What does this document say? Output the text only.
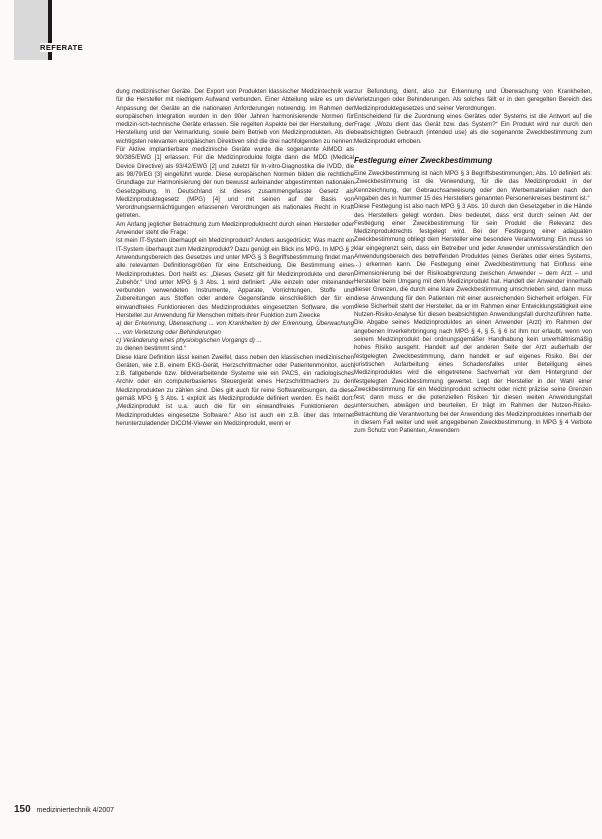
REFERATE

dung medizinischer Geräte. Der Export von Produkten klassischer Medizintechnik war für die Hersteller mit niedrigem Aufwand verbunden. Einer Abteilung wäre es um die Anpassung der Geräte an die nationalen Anforderungen notwendig. Im Rahmen der europäischen Integration wurden in den 90er Jahren harmonisierende Normen für medizin-sch-technische Geräte erlassen. Sie regelten Aspekte bei der Herstellung, der Herstellung und der Vermarktung, sowie beim Betrieb von Medizinprodukten. Als die wichtigsten relevanten europäischen Direktiven sind die drei nachfolgenden zu nennen: Für Aktive implantierbare medizinische Geräte wurde die sogenannte AIMDD als 90/385/EWG [1] erlassen. Für die Medizinprodukte folgte dann die MDD (Medical Device Directive) als 93/42/EWG [2] und zuletzt für In-vitro-Diagnostika die IVDD, die als 98/79/EG [3] eingeführt wurde. Diese europäischen Normen bilden die rechtliche Grundlage zur Harmonisierung der nun bewusst aufeinander abgestimmten nationalen Gesetzgebung. In Deutschland ist dieses zusammengefasste Gesetz als Medizinproduktegesetz (MPG) [4] und mit seinen auf der Basis von Verordnungsermächtigungen erlassenen Verordnungen als nationales Recht in Kraft getreten.

Am Anfang jeglicher Betrachtung zum Medizinproduktrecht durch einen Hersteller oder Anwender steht die Frage:

Ist mein IT-System überhaupt ein Medizinprodukt? Anders ausgedrückt: Was macht ein IT-System überhaupt zum Medizinprodukt? Dazu genügt ein Blick ins MPG. In MPG § 2 Anwendungsbereich des Gesetzes und unter MPG § 3 Begriffsbestimmung findet man alle relevanten Definitionsgrößen für eine Entscheidung. Die Bestimmung eines Medizinproduktes. Dort heißt es: „Dieses Gesetz gilt für Medizinprodukte und deren Zubehör.“ Und unter MPG § 3 Abs. 1 wird definiert: „Alle einzeln oder miteinander verbunden verwendeten Instrumente, Apparate, Vorrichtungen, Stoffe und Zubereitungen aus Stoffen oder andere Gegenstände einschließlich der für ein einwandfreies Funktionieren des Medizinproduktes eingesetzten Software, die vom Hersteller zur Anwendung für Menschen mittels ihrer Funktion zum Zwecke

a) der Erkennung, Überwachung ... von Krankheiten b) der Erkennung, Überwachung ... von Verletzung oder Behinderungen

c) Veränderung eines physiologischen Vorgangs d) ...

zu dienen bestimmt sind.“

Diese klare Definition lässt keinen Zweifel, dass neben den klassischen medizinischen Geräten, wie z.B. einem EKG-Gerät, Herzschrittmacher oder Patientenmonitor, auch z.B. fallgebende bzw. bildverarbeitende Systeme wie ein PACS, ein radiologisches Archiv oder ein computerbasiertes Steuergerät eines Herzschrittmachers zu den Medizinprodukten zu zählen sind. Dies gilt auch für reine Softwarelösungen, da diese gemäß MPG § 3 Abs. 1 explizit als Medizinprodukte definiert werden. Es heißt dort: „Medizinprodukt ist u.a. auch die für ein einwandfreies Funktionieren des Medizinproduktes eingesetzte Software.“ Also ist auch ein z.B. über das Internet herunterzuladender DICOM-Viewer ein Medizinprodukt, wenn er

zur Befundung, dient, also zur Erkennung und Überwachung von Krankheiten, Verletzungen oder Behinderungen. Als solches fällt er in den geregelten Bereich des Medizinproduktegesetzes und seiner Verordnungen.

Entscheidend für die Zuordnung eines Gerätes oder Systems ist die Antwort auf die Frage: „Wozu dient das Gerät bzw. das System?“ Ein Produkt wird nur durch den beabsichtigten Gebrauch (intended use) als die sogenannte Zweckbestimmung zum Medizinprodukt erhoben.

Festlegung einer Zweckbestimmung

Eine Zweckbestimmung ist nach MPG § 3 Begriffsbestimmungen, Abs. 10 definiert als: „Zweckbestimmung ist die Verwendung, für die das Medizinprodukt in der Kennzeichnung, der Gebrauchsanweisung oder den Werbematerialien nach den Angaben des in Nummer 15 des Herstellers genannten Personenkreises bestimmt ist.“

Diese Festlegung ist also nach MPG § 3 Abs. 10 durch den Gesetzgeber in die Hände des Herstellers gelegt worden. Dies bedeutet, dass erst durch seinen Akt der Festlegung einer Zweckbestimmung für sein Produkt die Relevanz des Medizinproduktrechts festgelegt wird. Bei der Festlegung einer adäquaten Zweckbestimmung obliegt dem Hersteller eine besondere Verantwortung: Ein muss so klar eingegrenzt sein, dass ein Betreiber und jeder Anwender unmissverständlich den Anwendungsbereich des betreffenden Produktes (eines Gerätes oder eines Systems, ...) erkennen kann. Die Festlegung einer Zweckbestimmung hat Einfluss eine Dimensionierung bei der Risikoabgrenzung zwischen Anwender – dem Arzt – und Hersteller beim Umgang mit dem Medizinprodukt hat. Handelt der Anwender innerhalb dieser Grenzen, die durch eine klare Zweckbestimmung umschrieben sind, dann muss diese Anwendung für den Patienten mit einer ausreichenden Sicherheit erfolgen. Für diese Sicherheit steht der Hersteller, da er im Rahmen einer Entwicklungstätigkeit eine Nutzen-Risiko-Analyse für diesen beabsichtigten Anwendungsfall durchzuführen hatte. Die Abgabe seines Medizinproduktes an einen Anwender (Arzt) im Rahmen der angebenen Inverkehrbringung nach MPG § 4, § 5, § 6 ist ihm nur erlaubt, wenn von seinem Medizinprodukt bei ordnungsgemäßer Handhabung kein unverhältnismäßig hohes Risiko ausgeht. Handelt auf der anderen Seite der Arzt außerhalb der festgelegten Zweckbestimmung, dann handelt er auf eigenes Risiko. Bei der juristischen Aufarbeitung eines Schadensfalles unter Beteiligung eines Medizinproduktes wird die eingetretene Sachverhalt vor dem Hintergrund der festgelegten Zweckbestimmung gewertet. Legt der Hersteller in der Wahl einer Zweckbestimmung für ein Medizinprodukt schlecht oder nicht präzise seine Grenzen fest, dann muss er die potenziellen Risiken für diesen weiten Anwendungsfall untersuchen, abwägen und beurteilen. Er trägt im Rahmen der Nutzen-Risiko-Betrachtung die Verantwortung bei der Anwendung des Medizinproduktes innerhalb der in diesem Fall weiter und weit angegebenen Zweckbestimmung. In MPG § 4 Verbote zum Schutz von Patienten, Anwendern

150 mediziniertechnik 4/2007
